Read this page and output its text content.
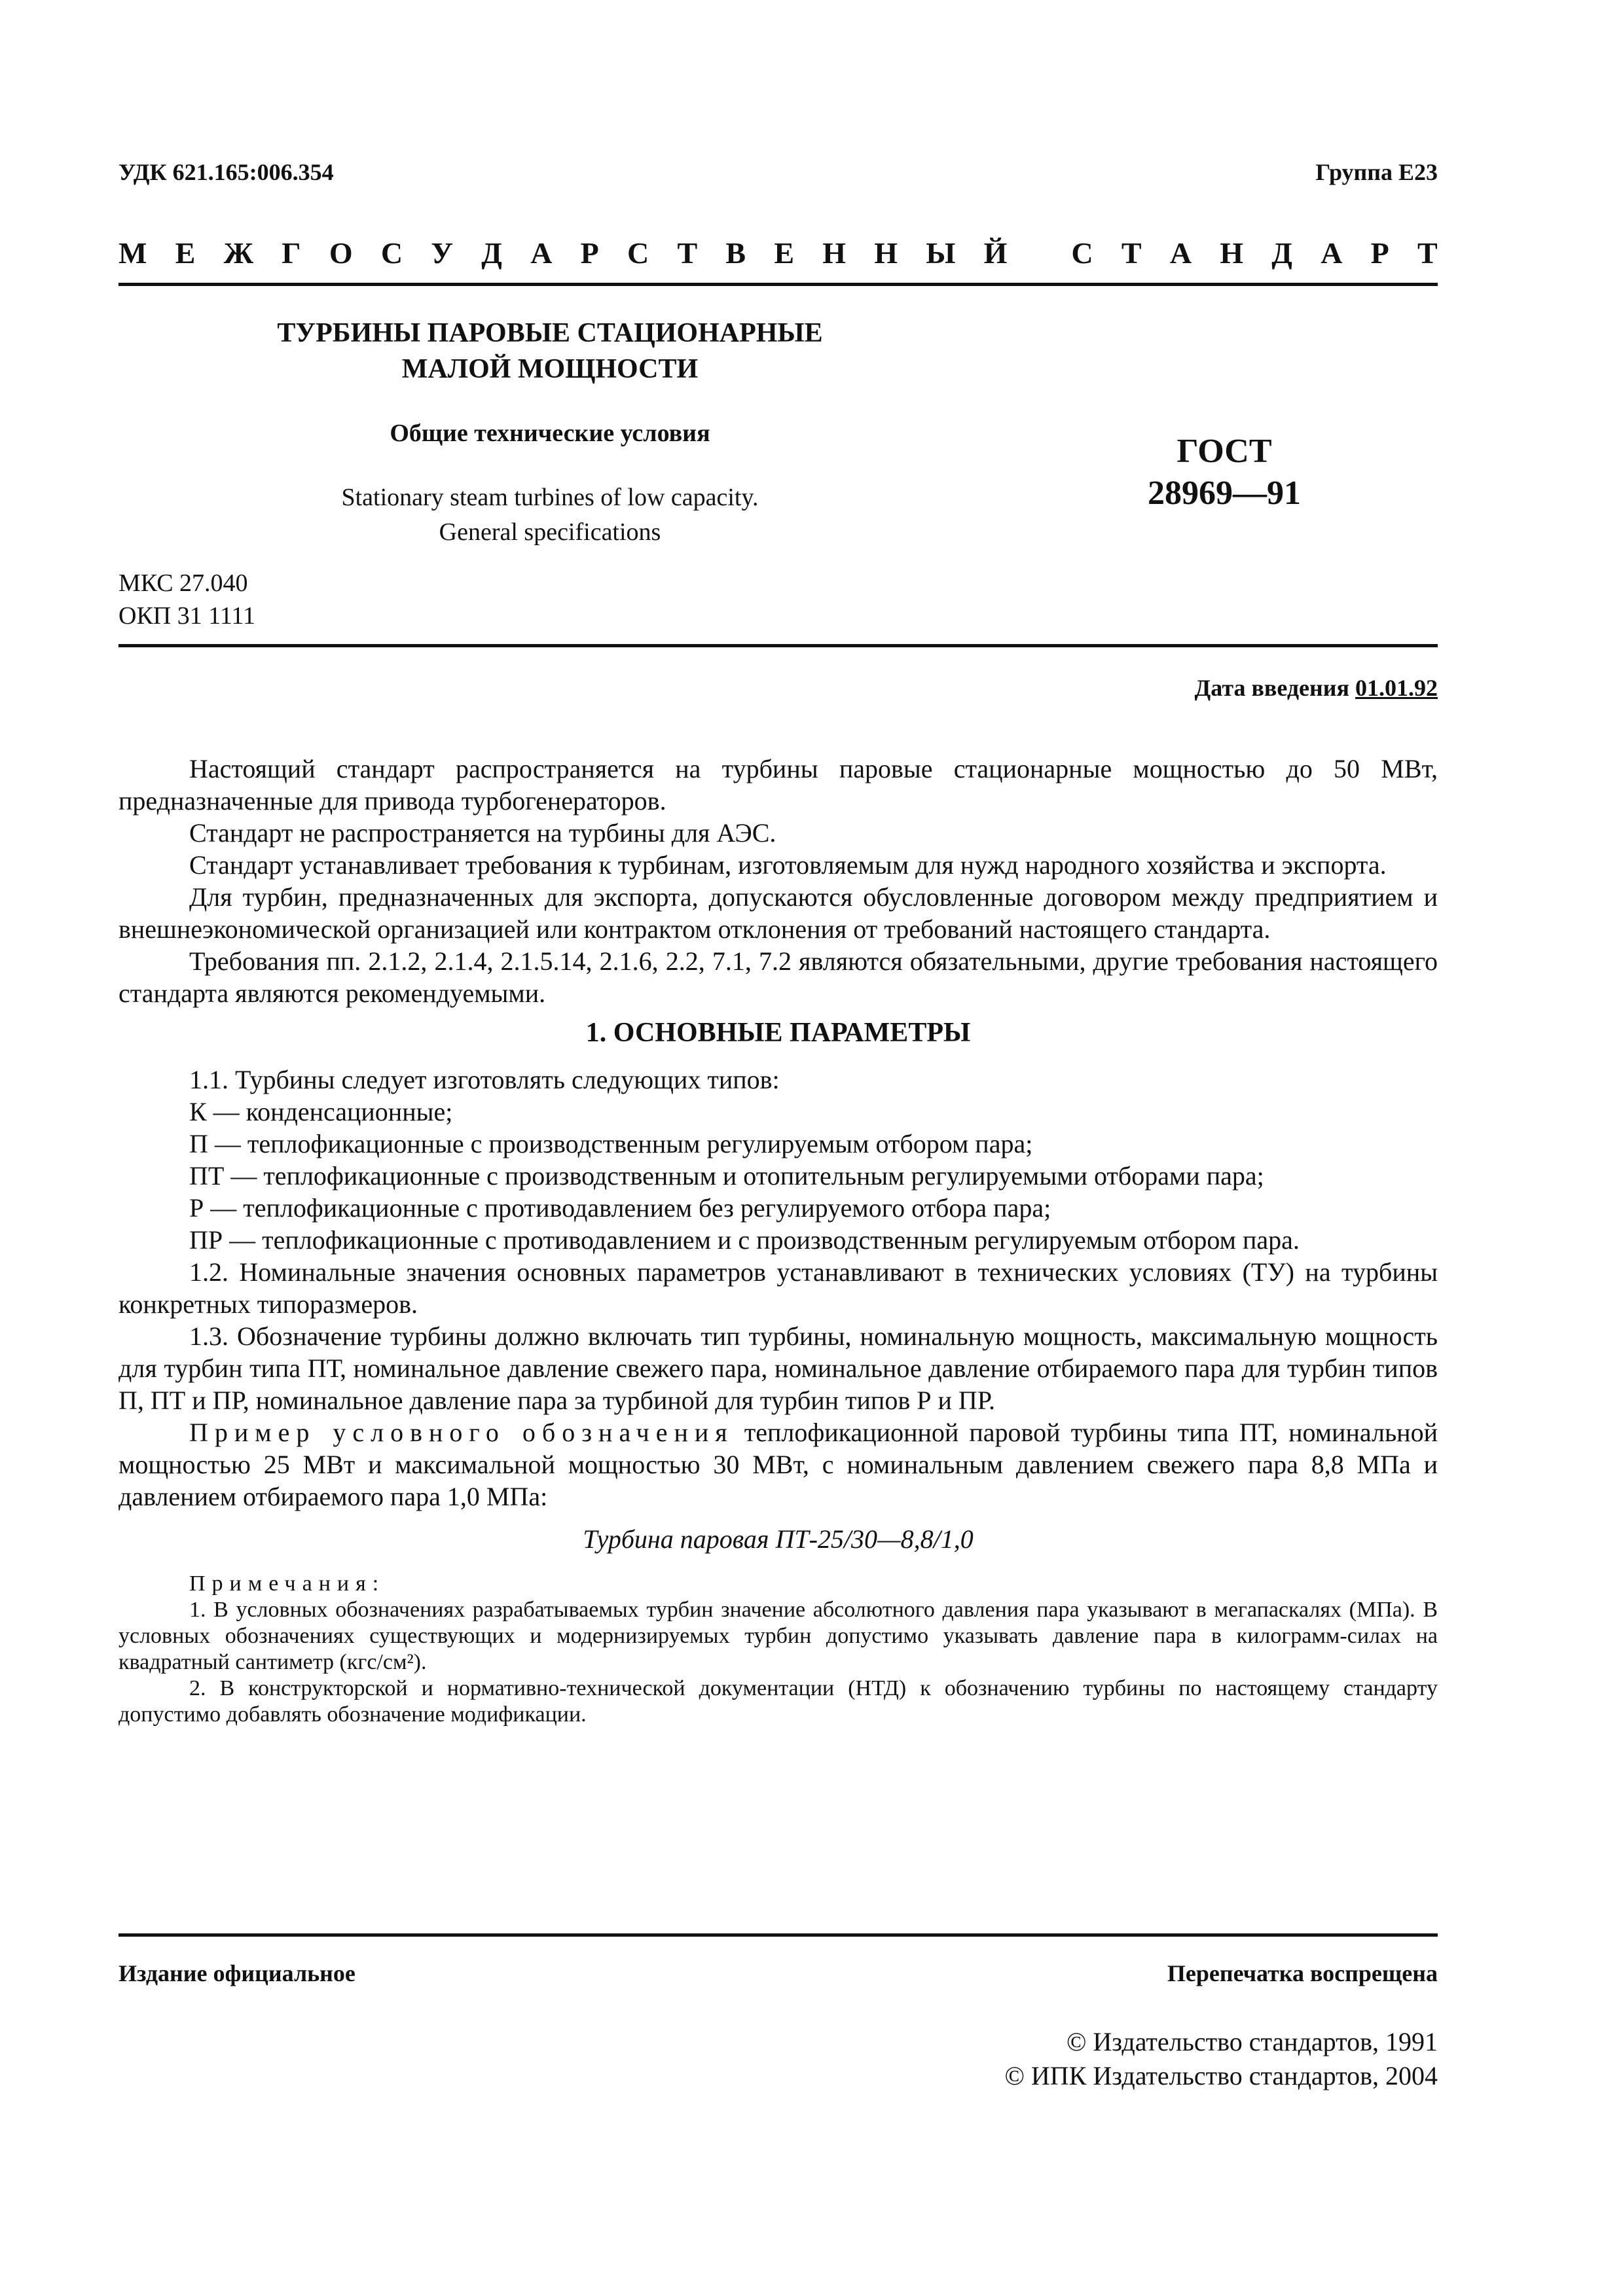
УДК 621.165:006.354	Группа Е23
М Е Ж Г О С У Д А Р С Т В Е Н Н Ы Й
С Т А Н Д А Р Т
ТУРБИНЫ ПАРОВЫЕ СТАЦИОНАРНЫЕ
МАЛОЙ МОЩНОСТИ
Общие технические условия
Stationary steam turbines of low capacity.
General specifications
ГОСТ
28969—91
МКС 27.040
ОКП 31 1111
Дата введения 01.01.92

Настоящий стандарт распространяется на турбины паровые стационарные мощностью до 50 МВт, предназначенные для привода турбогенераторов.

Стандарт не распространяется на турбины для АЭС.

Стандарт устанавливает требования к турбинам, изготовляемым для нужд народного хозяйства и экспорта.

Для турбин, предназначенных для экспорта, допускаются обусловленные договором между предприятием и внешнеэкономической организацией или контрактом отклонения от требований настоящего стандарта.

Требования пп. 2.1.2, 2.1.4, 2.1.5.14, 2.1.6, 2.2, 7.1, 7.2 являются обязательными, другие требования настоящего стандарта являются рекомендуемыми.

1. ОСНОВНЫЕ ПАРАМЕТРЫ

1.1. Турбины следует изготовлять следующих типов:

К — конденсационные;

П — теплофикационные с производственным регулируемым отбором пара;

ПТ — теплофикационные с производственным и отопительным регулируемыми отборами пара;

Р — теплофикационные с противодавлением без регулируемого отбора пара;

ПР — теплофикационные с противодавлением и с производственным регулируемым отбором пара.

1.2. Номинальные значения основных параметров устанавливают в технических условиях (ТУ) на турбины конкретных типоразмеров.

1.3. Обозначение турбины должно включать тип турбины, номинальную мощность, максимальную мощность для турбин типа ПТ, номинальное давление свежего пара, номинальное давление отбираемого пара для турбин типов П, ПТ и ПР, номинальное давление пара за турбиной для турбин типов Р и ПР.

Пример условного обозначения теплофикационной паровой турбины типа ПТ, номинальной мощностью 25 МВт и максимальной мощностью 30 МВт, с номинальным давлением свежего пара 8,8 МПа и давлением отбираемого пара 1,0 МПа:

Турбина паровая ПТ-25/30—8,8/1,0

Примечания:

1. В условных обозначениях разрабатываемых турбин значение абсолютного давления пара указывают в мегапаскалях (МПа). В условных обозначениях существующих и модернизируемых турбин допустимо указывать давление пара в килограмм-силах на квадратный сантиметр (кгс/см²).

2. В конструкторской и нормативно-технической документации (НТД) к обозначению турбины по настоящему стандарту допустимо добавлять обозначение модификации.

Издание официальное	Перепечатка воспрещена
© Издательство стандартов, 1991
© ИПК Издательство стандартов, 2004
